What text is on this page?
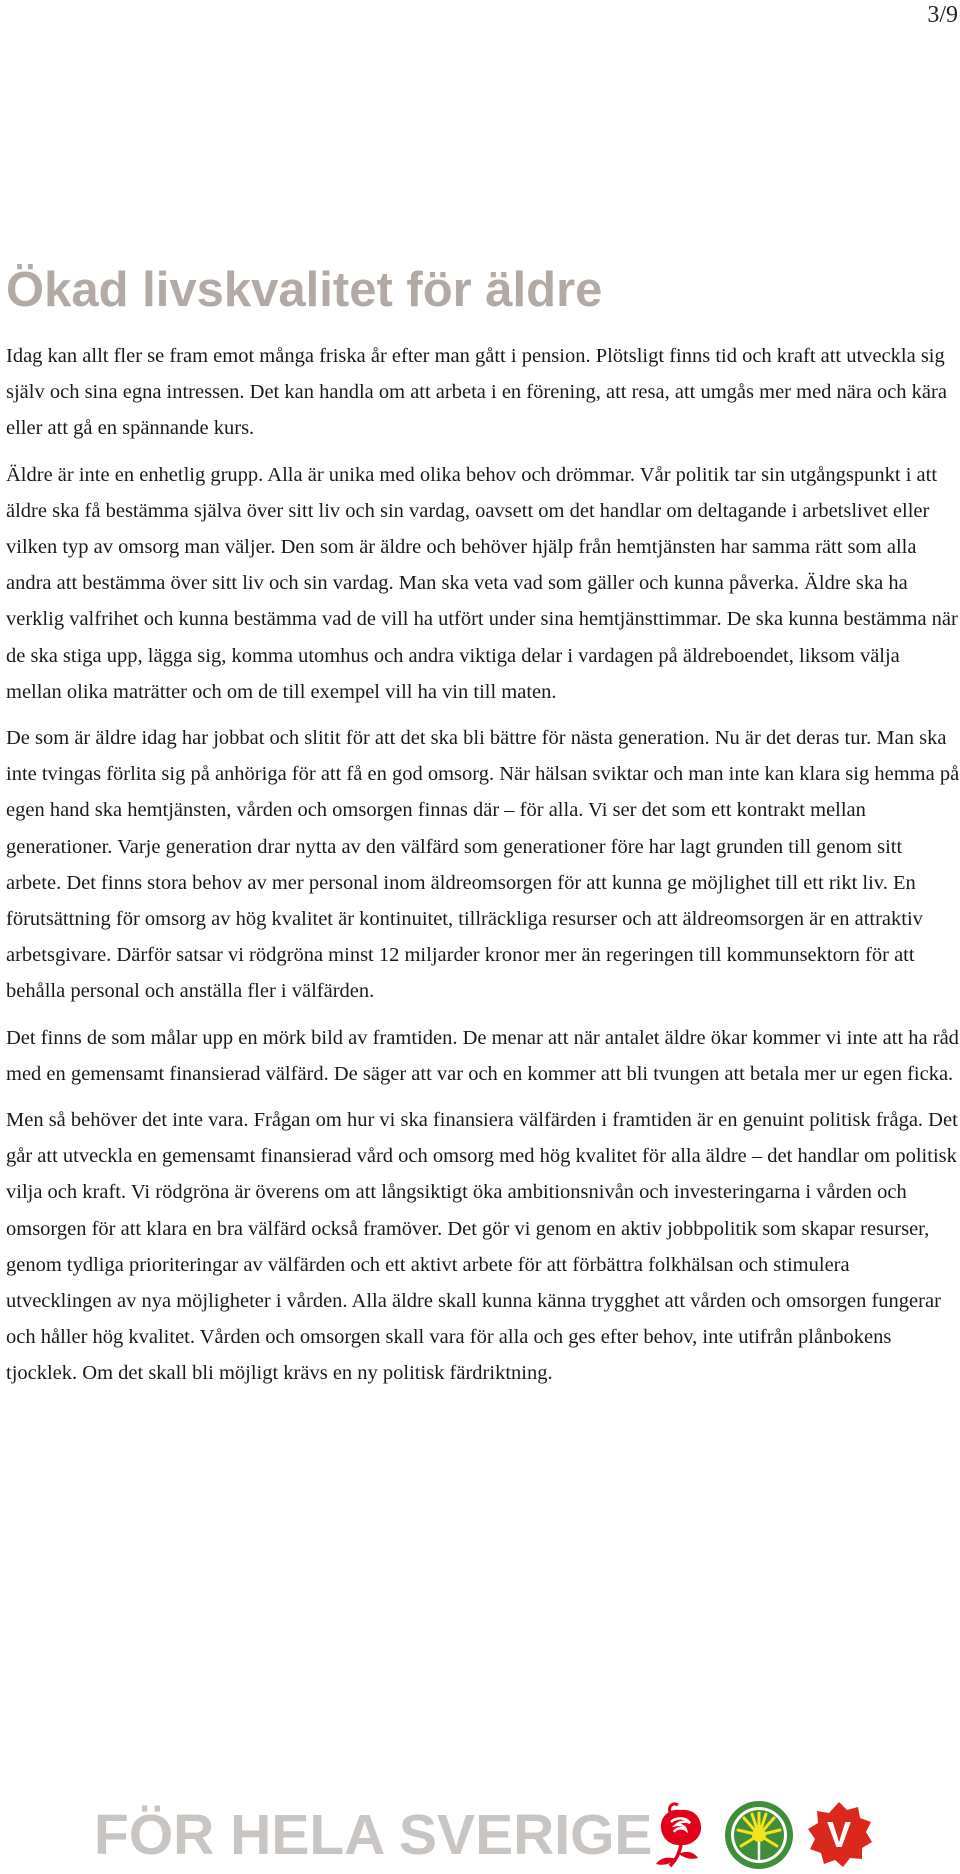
3/9
Ökad livskvalitet för äldre

Idag kan allt fler se fram emot många friska år efter man gått i pension. Plötsligt finns tid och kraft att utveckla sig själv och sina egna intressen. Det kan handla om att arbeta i en förening, att resa, att umgås mer med nära och kära eller att gå en spännande kurs.

Äldre är inte en enhetlig grupp. Alla är unika med olika behov och drömmar. Vår politik tar sin utgångspunkt i att äldre ska få bestämma själva över sitt liv och sin vardag, oavsett om det handlar om deltagande i arbetslivet eller vilken typ av omsorg man väljer. Den som är äldre och behöver hjälp från hemtjänsten har samma rätt som alla andra att bestämma över sitt liv och sin vardag. Man ska veta vad som gäller och kunna påverka. Äldre ska ha verklig valfrihet och kunna bestämma vad de vill ha utfört under sina hemtjänsttimmar. De ska kunna bestämma när de ska stiga upp, lägga sig, komma utomhus och andra viktiga delar i vardagen på äldreboendet, liksom välja mellan olika maträtter och om de till exempel vill ha vin till maten.

De som är äldre idag har jobbat och slitit för att det ska bli bättre för nästa generation. Nu är det deras tur. Man ska inte tvingas förlita sig på anhöriga för att få en god omsorg. När hälsan sviktar och man inte kan klara sig hemma på egen hand ska hemtjänsten, vården och omsorgen finnas där – för alla. Vi ser det som ett kontrakt mellan generationer. Varje generation drar nytta av den välfärd som generationer före har lagt grunden till genom sitt arbete. Det finns stora behov av mer personal inom äldreomsorgen för att kunna ge möjlighet till ett rikt liv. En förutsättning för omsorg av hög kvalitet är kontinuitet, tillräckliga resurser och att äldreomsorgen är en attraktiv arbetsgivare. Därför satsar vi rödgröna minst 12 miljarder kronor mer än regeringen till kommunsektorn för att behålla personal och anställa fler i välfärden.

Det finns de som målar upp en mörk bild av framtiden. De menar att när antalet äldre ökar kommer vi inte att ha råd med en gemensamt finansierad välfärd. De säger att var och en kommer att bli tvungen att betala mer ur egen ficka.

Men så behöver det inte vara. Frågan om hur vi ska finansiera välfärden i framtiden är en genuint politisk fråga. Det går att utveckla en gemensamt finansierad vård och omsorg med hög kvalitet för alla äldre – det handlar om politisk vilja och kraft. Vi rödgröna är överens om att långsiktigt öka ambitionsnivån och investeringarna i vården och omsorgen för att klara en bra välfärd också framöver. Det gör vi genom en aktiv jobbpolitik som skapar resurser, genom tydliga prioriteringar av välfärden och ett aktivt arbete för att förbättra folkhälsan och stimulera utvecklingen av nya möjligheter i vården. Alla äldre skall kunna känna trygghet att vården och omsorgen fungerar och håller hög kvalitet. Vården och omsorgen skall vara för alla och ges efter behov, inte utifrån plånbokens tjocklek. Om det skall bli möjligt krävs en ny politisk färdriktning.

FÖR HELA SVERIGE	V
